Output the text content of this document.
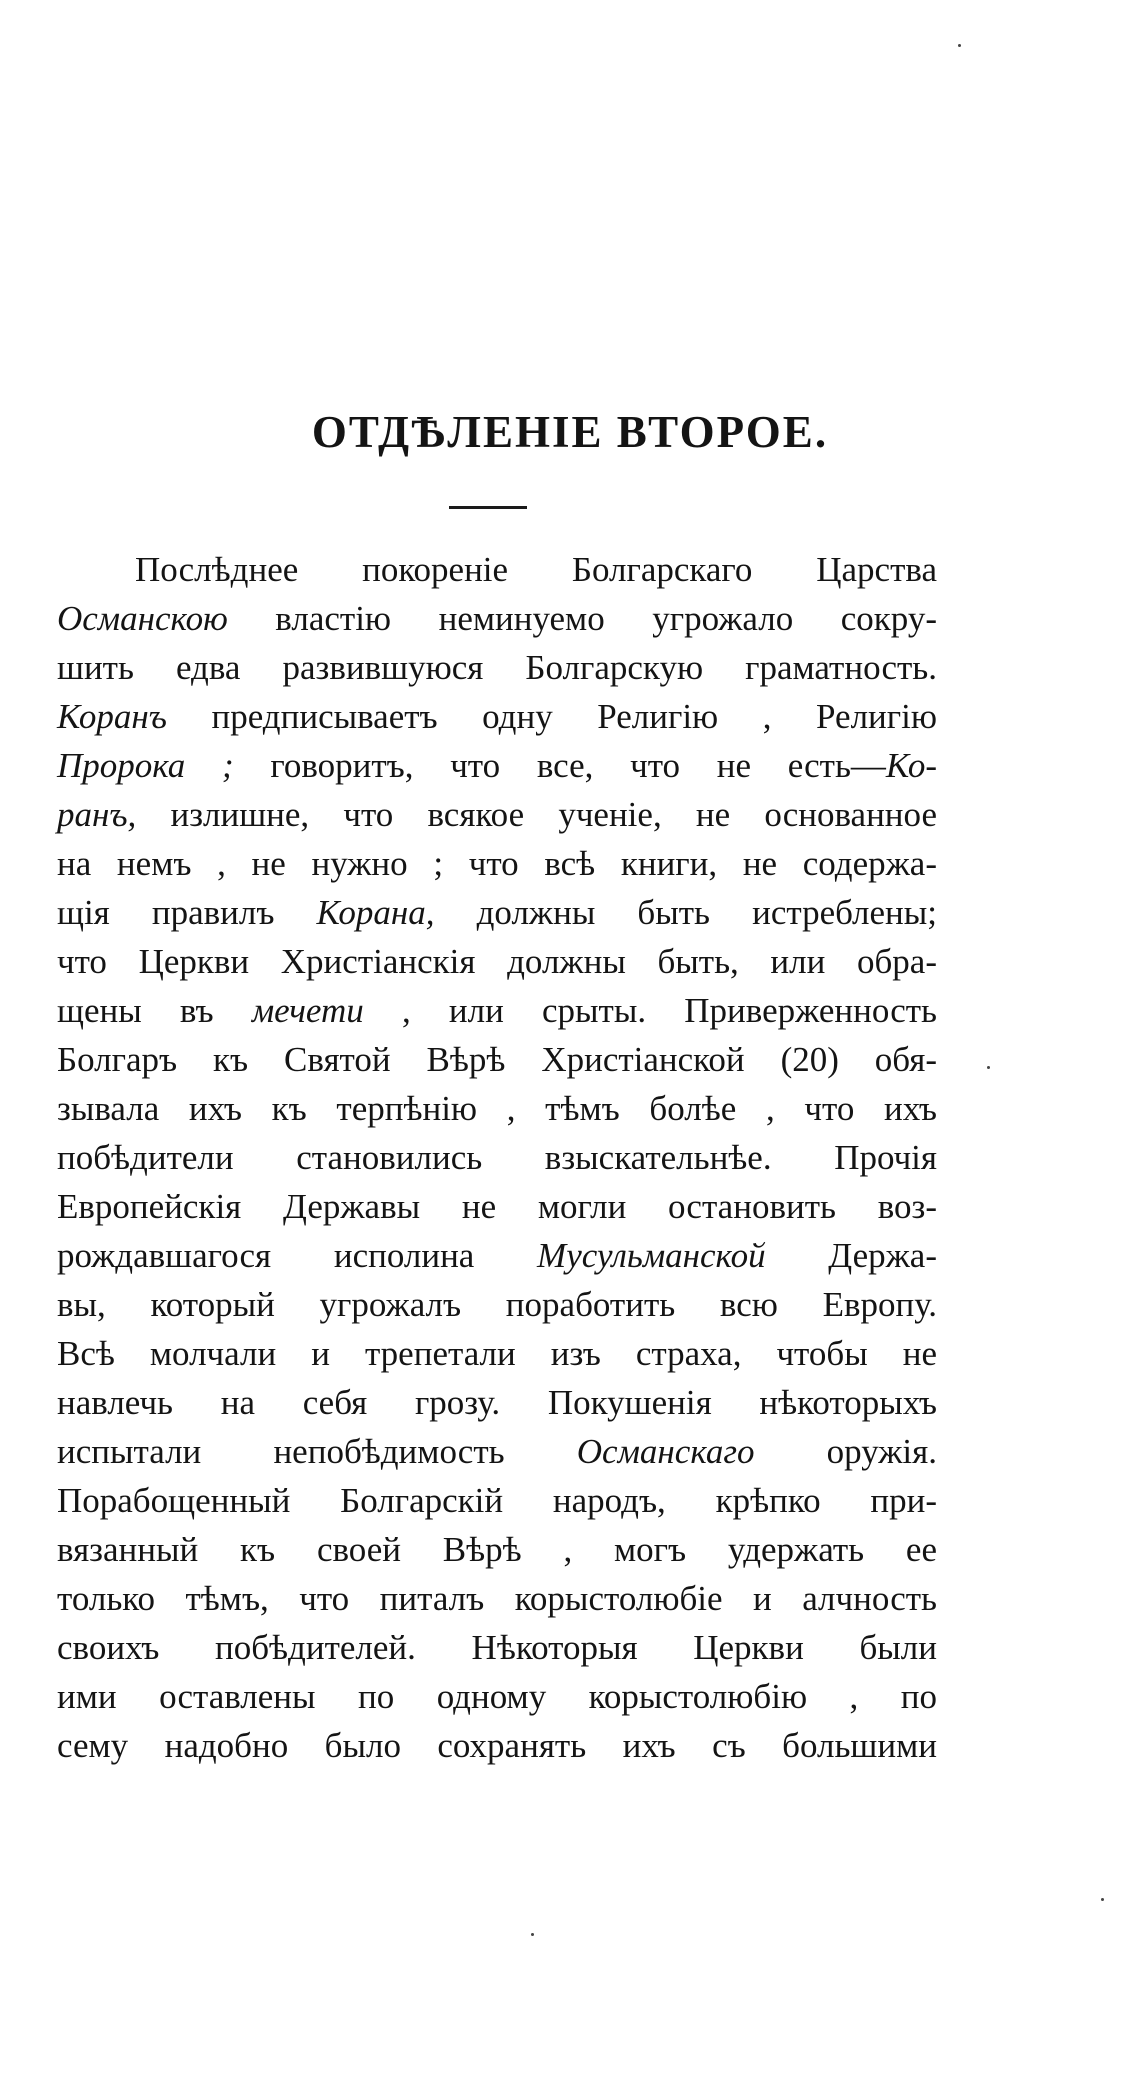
ОТДѢЛЕНІЕ ВТОРОЕ.
Послѣднее покореніе Болгарскаго Царства
Османскою властію неминуемо угрожало сокру-
шить едва развившуюся Болгарскую граматность.
Коранъ предписываетъ одну Религію , Религію
Пророка ; говоритъ, что все, что не есть—Ко-
ранъ, излишне, что всякое ученіе, не основанное
на немъ , не нужно ; что всѣ книги, не содержа-
щія правилъ Корана, должны быть истреблены;
что Церкви Христіанскія должны быть, или обра-
щены въ мечети , или срыты. Приверженность
Болгаръ къ Святой Вѣрѣ Христіанской (20) обя-
зывала ихъ къ терпѣнію , тѣмъ болѣе , что ихъ
побѣдители становились взыскательнѣе. Прочія
Европейскія Державы не могли остановить воз-
рождавшагося исполина Мусульманской Держа-
вы, который угрожалъ поработить всю Европу.
Всѣ молчали и трепетали изъ страха, чтобы не
навлечь на себя грозу. Покушенія нѣкоторыхъ
испытали непобѣдимость Османскаго оружія.
Порабощенный Болгарскій народъ, крѣпко при-
вязанный къ своей Вѣрѣ , могъ удержать ее
только тѣмъ, что питалъ корыстолюбіе и алчность
своихъ побѣдителей. Нѣкоторыя Церкви были
ими оставлены по одному корыстолюбію , по
сему надобно было сохранять ихъ съ большими
